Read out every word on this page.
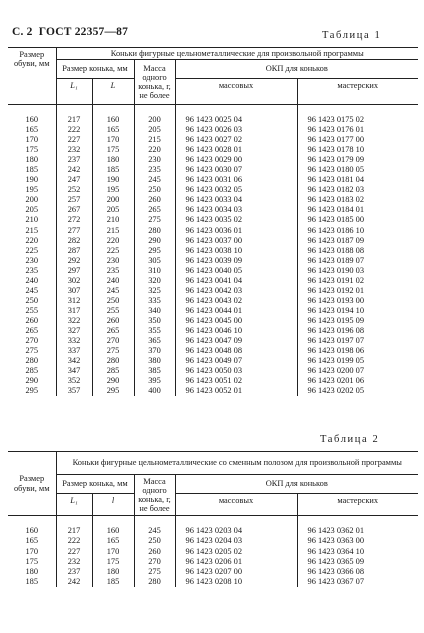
С. 2 ГОСТ 22357—87	Таблица 1
Размер обуви, мм	Коньки фигурные цельнометаллические для произвольной программы					
	Размер конька, мм		Масса одного конька, г, не более	ОКП для коньков		
	L₁	L		массовых	мастерских	

160	217	160	200	96 1423 0025 04	96 1423 0175 02	
165	222	165	205	96 1423 0026 03	96 1423 0176 01	
170	227	170	215	96 1423 0027 02	96 1423 0177 00	
175	232	175	220	96 1423 0028 01	96 1423 0178 10	
180	237	180	230	96 1423 0029 00	96 1423 0179 09	
185	242	185	235	96 1423 0030 07	96 1423 0180 05	
190	247	190	245	96 1423 0031 06	96 1423 0181 04	
195	252	195	250	96 1423 0032 05	96 1423 0182 03	
200	257	200	260	96 1423 0033 04	96 1423 0183 02	
205	267	205	265	96 1423 0034 03	96 1423 0184 01	
210	272	210	275	96 1423 0035 02	96 1423 0185 00	
215	277	215	280	96 1423 0036 01	96 1423 0186 10	
220	282	220	290	96 1423 0037 00	96 1423 0187 09	
225	287	225	295	96 1423 0038 10	96 1423 0188 08	
230	292	230	305	96 1423 0039 09	96 1423 0189 07	
235	297	235	310	96 1423 0040 05	96 1423 0190 03	
240	302	240	320	96 1423 0041 04	96 1423 0191 02	
245	307	245	325	96 1423 0042 03	96 1423 0192 01	
250	312	250	335	96 1423 0043 02	96 1423 0193 00	
255	317	255	340	96 1423 0044 01	96 1423 0194 10	
260	322	260	350	96 1423 0045 00	96 1423 0195 09	
265	327	265	355	96 1423 0046 10	96 1423 0196 08	
270	332	270	365	96 1423 0047 09	96 1423 0197 07	
275	337	275	370	96 1423 0048 08	96 1423 0198 06	
280	342	280	380	96 1423 0049 07	96 1423 0199 05	
285	347	285	385	96 1423 0050 03	96 1423 0200 07	
290	352	290	395	96 1423 0051 02	96 1423 0201 06	
295	357	295	400	96 1423 0052 01	96 1423 0202 05	
Таблица 2
Размер обуви, мм	Коньки фигурные цельнометаллические со сменным полозом для произвольной программы					
	Размер конька, мм		Масса одного конька, г, не более	ОКП для коньков		
	L₁	l		массовых	мастерских	

160	217	160	245	96 1423 0203 04	96 1423 0362 01	
165	222	165	250	96 1423 0204 03	96 1423 0363 00	
170	227	170	260	96 1423 0205 02	96 1423 0364 10	
175	232	175	270	96 1423 0206 01	96 1423 0365 09	
180	237	180	275	96 1423 0207 00	96 1423 0366 08	
185	242	185	280	96 1423 0208 10	96 1423 0367 07	
